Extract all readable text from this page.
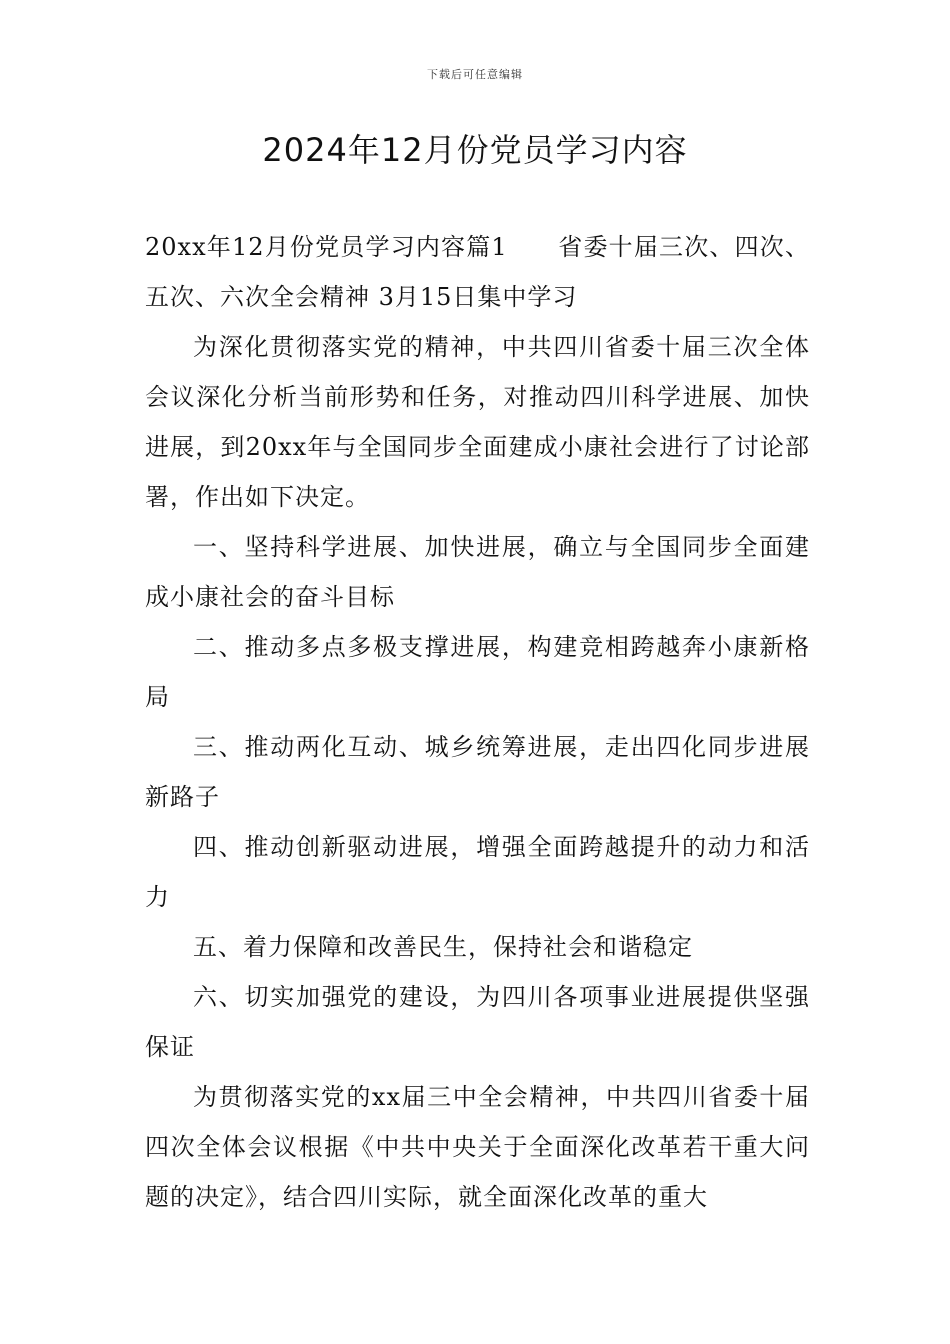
下载后可任意编辑
2024年12月份党员学习内容

20xx年12月份党员学习内容篇1　　省委十届三次、四次、五次、六次全会精神 3月15日集中学习

为深化贯彻落实党的精神，中共四川省委十届三次全体会议深化分析当前形势和任务，对推动四川科学进展、加快进展，到20xx年与全国同步全面建成小康社会进行了讨论部署，作出如下决定。

一、坚持科学进展、加快进展，确立与全国同步全面建成小康社会的奋斗目标

二、推动多点多极支撑进展，构建竞相跨越奔小康新格局

三、推动两化互动、城乡统筹进展，走出四化同步进展新路子

四、推动创新驱动进展，增强全面跨越提升的动力和活力

五、着力保障和改善民生，保持社会和谐稳定

六、切实加强党的建设，为四川各项事业进展提供坚强保证

为贯彻落实党的xx届三中全会精神，中共四川省委十届四次全体会议根据《中共中央关于全面深化改革若干重大问题的决定》，结合四川实际，就全面深化改革的重大
